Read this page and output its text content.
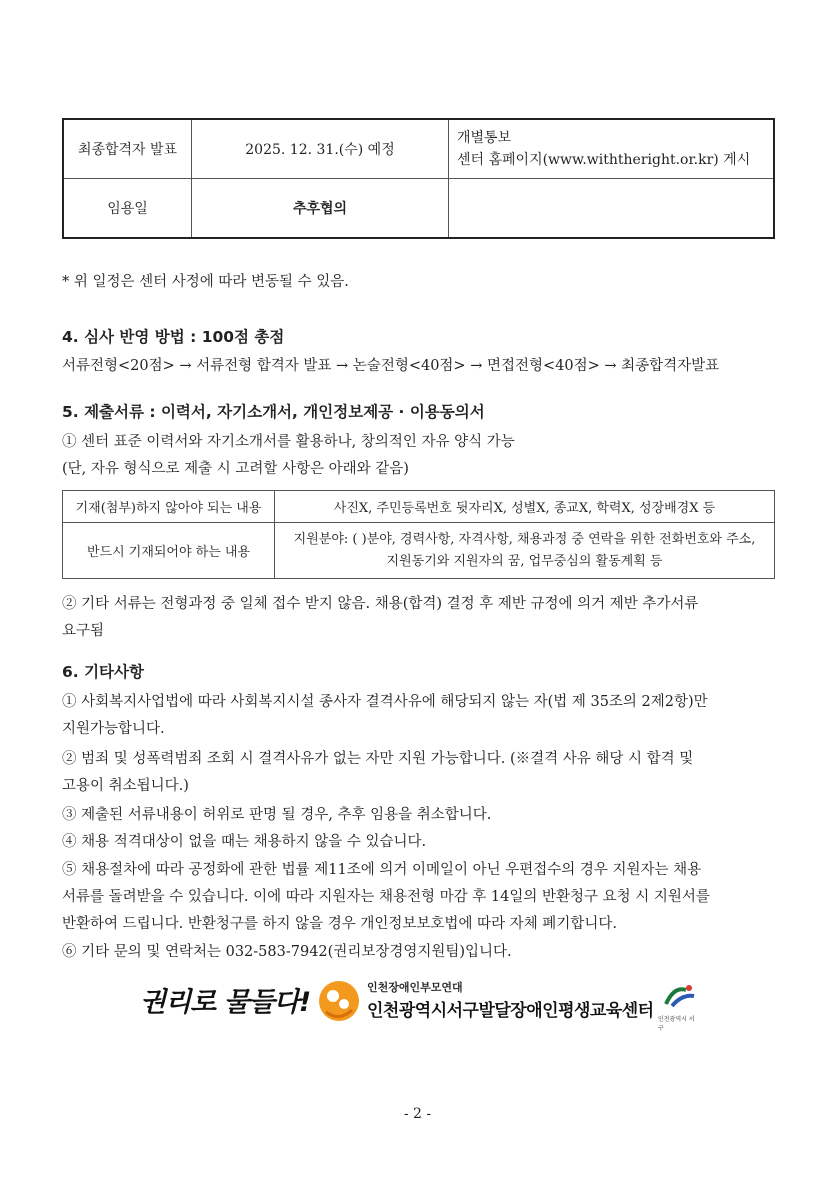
최종합격자 발표	2025. 12. 31.(수) 예정	개별통보
센터 홈페이지(www.withtheright.or.kr) 게시

임용일	추후협의	
* 위 일정은 센터 사정에 따라 변동될 수 있음.
4. 심사 반영 방법 : 100점 총점
서류전형<20점> → 서류전형 합격자 발표 → 논술전형<40점> → 면접전형<40점> → 최종합격자발표
5. 제출서류 : 이력서, 자기소개서, 개인정보제공 · 이용동의서
① 센터 표준 이력서와 자기소개서를 활용하나, 창의적인 자유 양식 가능
(단, 자유 형식으로 제출 시 고려할 사항은 아래와 같음)
기재(첨부)하지 않아야 되는 내용	사진X, 주민등록번호 뒷자리X, 성별X, 종교X, 학력X, 성장배경X 등
반드시 기재되어야 하는 내용	지원분야: ( )분야, 경력사항, 자격사항, 채용과정 중 연락을 위한 전화번호와 주소,
지원동기와 지원자의 꿈, 업무중심의 활동계획 등
② 기타 서류는 전형과정 중 일체 접수 받지 않음. 채용(합격) 결정 후 제반 규정에 의거 제반 추가서류
요구됨
6. 기타사항
① 사회복지사업법에 따라 사회복지시설 종사자 결격사유에 해당되지 않는 자(법 제 35조의 2제2항)만
지원가능합니다.
② 범죄 및 성폭력범죄 조회 시 결격사유가 없는 자만 지원 가능합니다. (※결격 사유 해당 시 합격 및
고용이 취소됩니다.)
③ 제출된 서류내용이 허위로 판명 될 경우, 추후 임용을 취소합니다.
④ 채용 적격대상이 없을 때는 채용하지 않을 수 있습니다.
⑤ 채용절차에 따라 공정화에 관한 법률 제11조에 의거 이메일이 아닌 우편접수의 경우 지원자는 채용
서류를 돌려받을 수 있습니다. 이에 따라 지원자는 채용전형 마감 후 14일의 반환청구 요청 시 지원서를
반환하여 드립니다. 반환청구를 하지 않을 경우 개인정보보호법에 따라 자체 폐기합니다.
⑥ 기타 문의 및 연락처는 032-583-7942(권리보장경영지원팀)입니다.
권리로 물들다!	인천장애인부모연대
인천광역시서구발달장애인평생교육센터 인천광역시 서구
- 2 -
